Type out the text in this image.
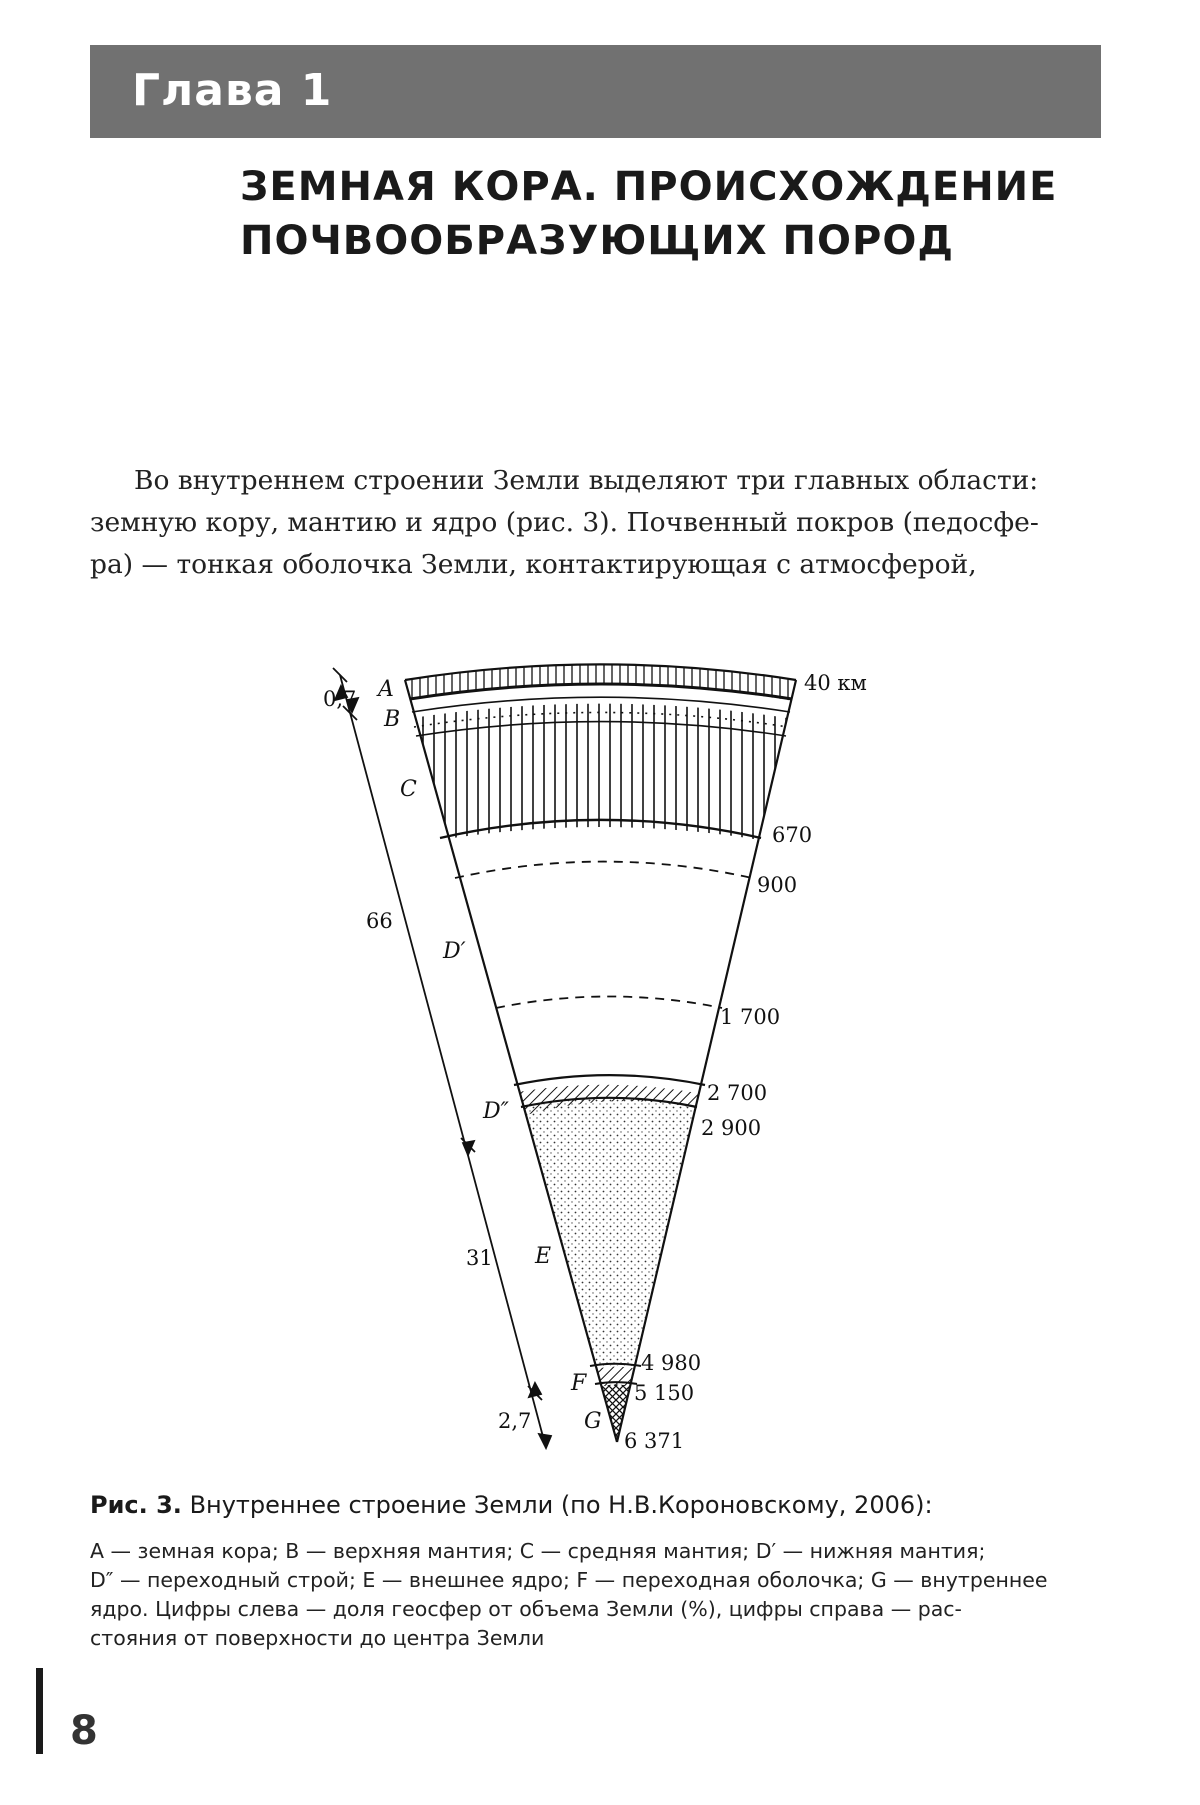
Глава 1
ЗЕМНАЯ КОРА. ПРОИСХОЖДЕНИЕ
ПОЧВООБРАЗУЮЩИХ ПОРОД
Во внутреннем строении Земли выделяют три главных области:
земную кору, мантию и ядро (рис. 3). Почвенный покров (педосфе-
ра) — тонкая оболочка Земли, контактирующая с атмосферой,
A
B
C
D′
D″
E
F
G
40 км
670
900
1 700
2 700
2 900
4 980
5 150
6 371
0,7
66
31
2,7
Рис. 3. Внутреннее строение Земли (по Н.В.Короновскому, 2006):
A — земная кора; B — верхняя мантия; C — средняя мантия; D′ — нижняя мантия;
D″ — переходный строй; E — внешнее ядро; F — переходная оболочка; G — внутреннее
ядро. Цифры слева — доля геосфер от объема Земли (%), цифры справа — рас-
стояния от поверхности до центра Земли
8
